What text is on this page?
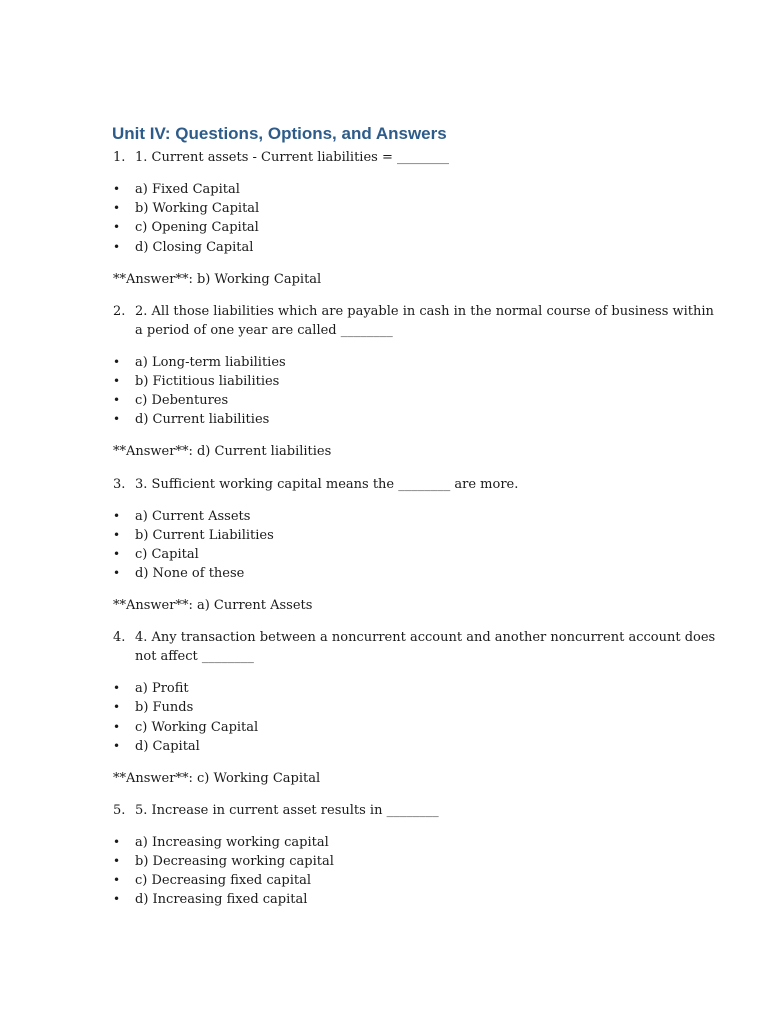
Unit IV: Questions, Options, and Answers
1. 1. Current assets - Current liabilities = ________
• a) Fixed Capital
• b) Working Capital
• c) Opening Capital
• d) Closing Capital
**Answer**: b) Working Capital
2. 2. All those liabilities which are payable in cash in the normal course of business within
a period of one year are called ________
• a) Long-term liabilities
• b) Fictitious liabilities
• c) Debentures
• d) Current liabilities
**Answer**: d) Current liabilities
3. 3. Sufficient working capital means the ________ are more.
• a) Current Assets
• b) Current Liabilities
• c) Capital
• d) None of these
**Answer**: a) Current Assets
4. 4. Any transaction between a noncurrent account and another noncurrent account does
not affect ________
• a) Profit
• b) Funds
• c) Working Capital
• d) Capital
**Answer**: c) Working Capital
5. 5. Increase in current asset results in ________
• a) Increasing working capital
• b) Decreasing working capital
• c) Decreasing fixed capital
• d) Increasing fixed capital
